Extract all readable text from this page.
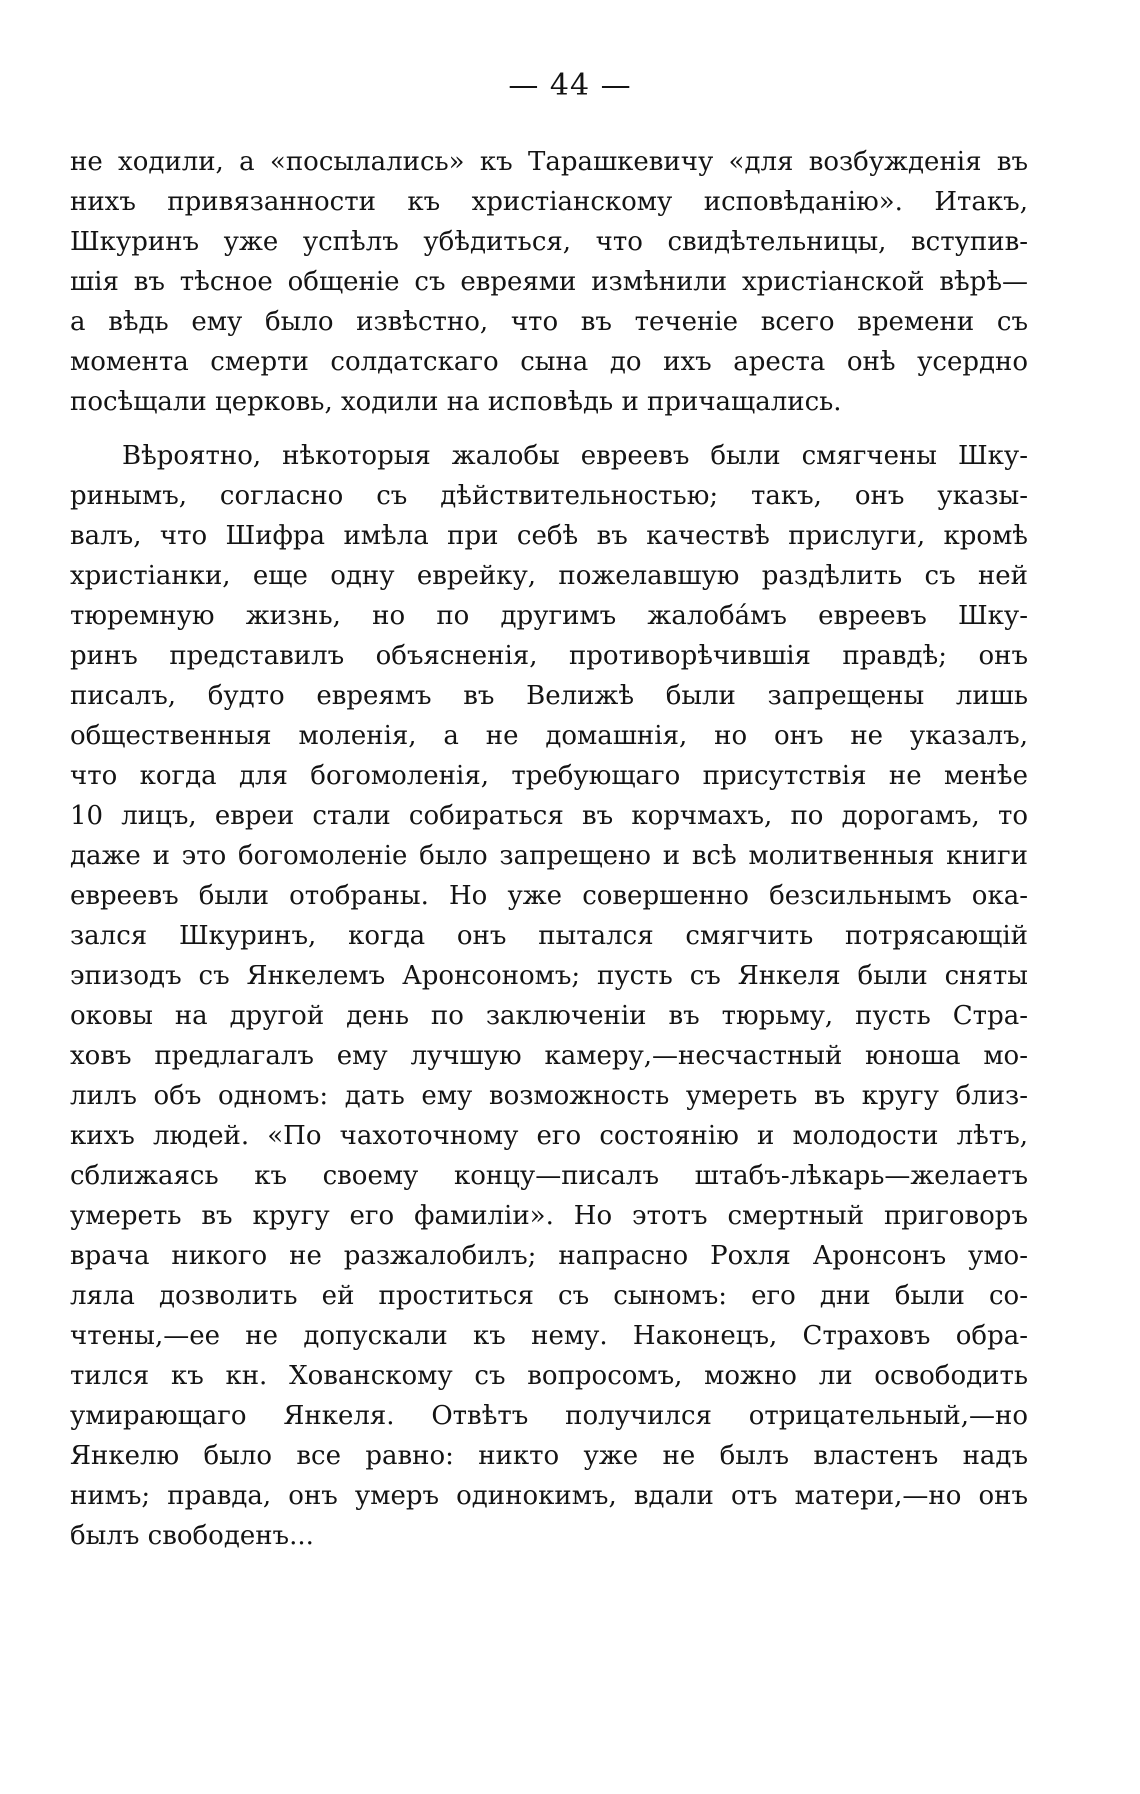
— 44 —
не ходили, а «посылались» къ Тарашкевичу «для возбужденія въ
нихъ привязанности къ христіанскому исповѣданію». Итакъ,
Шкуринъ уже успѣлъ убѣдиться, что свидѣтельницы, вступив-
шія въ тѣсное общеніе съ евреями измѣнили христіанской вѣрѣ—
а вѣдь ему было извѣстно, что въ теченіе всего времени съ
момента смерти солдатскаго сына до ихъ ареста онѣ усердно
посѣщали церковь, ходили на исповѣдь и причащались.
Вѣроятно, нѣкоторыя жалобы евреевъ были смягчены Шку-
ринымъ, согласно съ дѣйствительностью; такъ, онъ указы-
валъ, что Шифра имѣла при себѣ въ качествѣ прислуги, кромѣ
христіанки, еще одну еврейку, пожелавшую раздѣлить съ ней
тюремную жизнь, но по другимъ жалобáмъ евреевъ Шку-
ринъ представилъ объясненія, противорѣчившія правдѣ; онъ
писалъ, будто евреямъ въ Велижѣ были запрещены лишь
общественныя моленія, а не домашнія, но онъ не указалъ,
что когда для богомоленія, требующаго присутствія не менѣе
10 лицъ, евреи стали собираться въ корчмахъ, по дорогамъ, то
даже и это богомоленіе было запрещено и всѣ молитвенныя книги
евреевъ были отобраны. Но уже совершенно безсильнымъ ока-
зался Шкуринъ, когда онъ пытался смягчить потрясающій
эпизодъ съ Янкелемъ Аронсономъ; пусть съ Янкеля были сняты
оковы на другой день по заключеніи въ тюрьму, пусть Стра-
ховъ предлагалъ ему лучшую камеру,—несчастный юноша мо-
лилъ объ одномъ: дать ему возможность умереть въ кругу близ-
кихъ людей. «По чахоточному его состоянію и молодости лѣтъ,
сближаясь къ своему концу—писалъ штабъ-лѣкарь—желаетъ
умереть въ кругу его фамиліи». Но этотъ смертный приговоръ
врача никого не разжалобилъ; напрасно Рохля Аронсонъ умо-
ляла дозволить ей проститься съ сыномъ: его дни были со-
чтены,—ее не допускали къ нему. Наконецъ, Страховъ обра-
тился къ кн. Хованскому съ вопросомъ, можно ли освободить
умирающаго Янкеля. Отвѣтъ получился отрицательный,—но
Янкелю было все равно: никто уже не былъ властенъ надъ
нимъ; правда, онъ умеръ одинокимъ, вдали отъ матери,—но онъ
былъ свободенъ...
